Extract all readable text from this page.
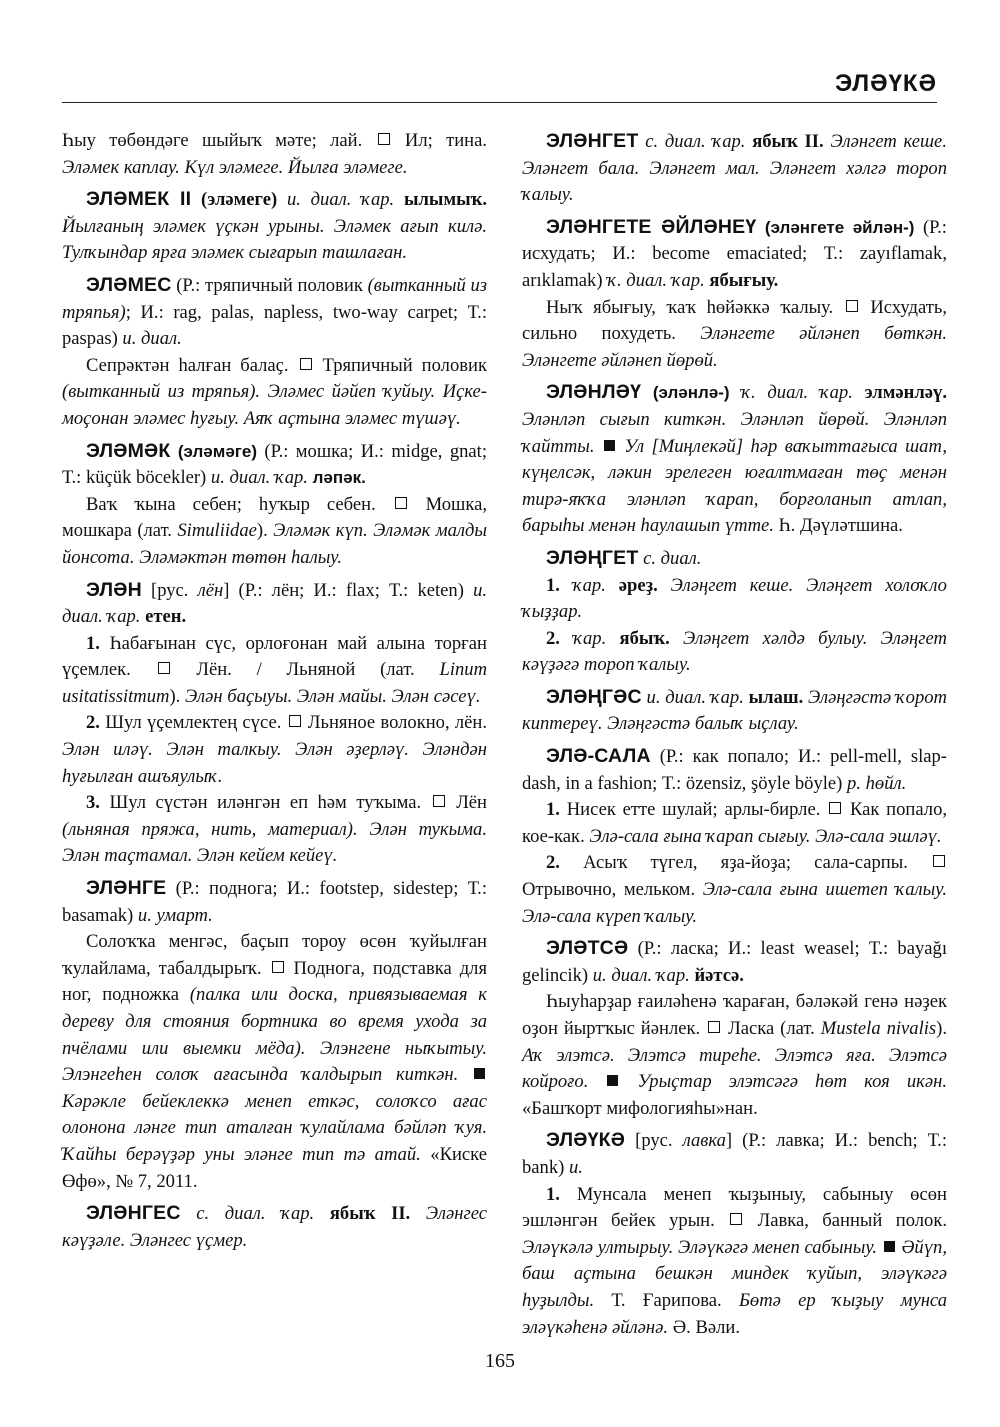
ЭЛӘҮКӘ

Һыу төбөндәге шыйыҡ мәте; лай. Ил; тина. Эләмек каплау. Күл эләмеге. Йылға эләмеге.

ЭЛӘМЕК II (эләмеге) и. диал. ҡар. ылымыҡ. Йылғаның эләмек үҫкән урыны. Эләмек ағып килә. Тулҡындар ярға эләмек сығарып ташлаған.

ЭЛӘМЕС (Р.: тряпичный половик (вытканный из тряпья); И.: rag, palas, napless, two-way carpet; Т.: paspas) и. диал.

Сепрәктән һалған балаҫ. Тряпичный половик (вытканный из тряпья). Эләмес йәйеп ҡуйыу. Иҫке-моҫонан эләмес һуғыу. Аяҡ аҫтына эләмес түшәү.

ЭЛӘМӘК (эләмәге) (Р.: мошка; И.: midge, gnat; Т.: küçük böcekler) и. диал. ҡар. ләпәк.

Ваҡ ҡына себен; һуҡыр себен.	Мошка, мошкара (лат. Simuliidae). Эләмәк күп. Эләмәк малды йонсота. Эләмәктән төтөн һалыу.

ЭЛӘН [рус. лён] (Р.: лён; И.: flax; Т.: keten) и. диал. ҡар. етен.

1. Һабағынан сүс, орлоғонан май алына торған үҫемлек.	Лён. / Льняной (лат. Linum usitatissitmum). Элән баҫыуы. Элән майы. Элән сәсеү.

2. Шул үҫемлектең сүсе. Льняное волокно, лён. Элән иләү. Элән талкыу. Элән әҙерләү. Эләндән һуғылған ашъяулыҡ.

3. Шул сүстән иләнгән еп һәм туҡыма. Лён (льняная пряжа, нить, материал). Элән тукыма. Элән таҫтамал. Элән кейем кейеү.

ЭЛӘНГЕ (Р.: поднога; И.: footstep, sidestep; Т.: basamak) и. умарт.

Солоҡҡа менгәс, баҫып тороу өсөн ҡуйылған ҡулайлама, табалдырыҡ. Поднога, подставка для ног, подножка (палка или доска, привязываемая к дереву для стояния бортника во время ухода за пчёлами или выемки мёда). Элэнгене ныҡытыу. Элэнгеһен солоҡ ағасында ҡалдырып киткән.  Кәрәкле бейеклеккә менеп еткәс, солоҡсо ағас олонона ләнге тип аталған ҡулайлама бәйләп ҡуя. Ҡайһы берәүҙәр уны эләнге тип тә атай. «Киске Өфө», № 7, 2011.

ЭЛӘНГЕС с. диал. ҡар. ябыҡ II. Эләнгес кәүҙәле. Эләнгес үҫмер.

ЭЛӘНГЕТ с. диал. ҡар. ябыҡ II. Эләнгет кеше. Эләнгет бала. Эләнгет мал. Эләнгет хәлгә тороп ҡалыу.

ЭЛӘНГЕТЕ ӘЙЛӘНЕҮ (эләнгете әйлән-) (Р.: исхудать; И.: become emaciated; Т.: zayıflamak, arıklamak) ҡ. диал. ҡар. ябығыу.

Ныҡ ябығыу, ҡаҡ һөйәккә ҡалыу. Исхудать, сильно похудеть. Эләнгете әйләнеп бөткән. Эләнгете әйләнеп йөрөй.

ЭЛӘНЛӘҮ (эләнлә-) ҡ. диал. ҡар. элмәнләү. Эләнләп сығып киткән. Эләнләп йөрөй. Эләнләп ҡайтты. Ул [Миңлекәй] һәр ваҡыттағыса шат, күңелсәк, ләкин эрелеген юғалтмаған төҫ менән тирә-яҡҡа эләнләп ҡарап, борғоланып атлап, барыһы менән һаулашып үтте. Һ. Дәүләтшина.

ЭЛӘҢГЕТ с. диал.

1. ҡар. әреҙ. Эләңгет кеше. Эләңгет холоҡло ҡыҙҙар.

2. ҡар. ябыҡ. Эләңгет хәлдә булыу. Эләңгет кәүҙәгә тороп ҡалыу.

ЭЛӘҢГӘС и. диал. ҡар. ылаш. Эләңгәстә ҡорот киптереү. Эләңгәстә балыҡ ыҫлау.

ЭЛӘ-САЛА (Р.: как попало; И.: pell-mell, slap-dash, in a fashion; Т.: özensiz, şöyle böyle) р. һөйл.

1. Нисек етте шулай; арлы-бирле. Как попало, кое-как. Элә-сала ғына ҡарап сығыу. Элә-сала эшләү.

2. Асыҡ түгел, яҙа-йоҙа; сала-сарпы.  Отрывочно, мельком. Элә-сала ғына ишетеп ҡалыу. Элә-сала күреп ҡалыу.

ЭЛӘТСӘ (Р.: ласка; И.: least weasel; Т.: bayağı gelincik) и. диал. ҡар. йәтсә.

Һыуһарҙар ғаиләһенә ҡараған, бәләкәй генә нәҙек оҙон йыртҡыс йәнлек. Ласка (лат. Mustela nivalis). Аҡ элэтсә. Элэтсә тиреһе. Элэтсә яға. Элэтсә койроғо.	Урыҫтар элэтсәгә һөт коя икән. «Башҡорт мифологияһы»нан.

ЭЛӘҮКӘ [рус. лавка] (Р.: лавка; И.: bench; Т.: bank) и.

1. Мунсала менеп ҡыҙыныу, сабыныу өсөн эшләнгән бейек урын. Лавка, банный полок. Эләүкәлә ултырыу. Эләүкәгә менеп сабыныу. Әйүп, баш аҫтына бешкән миндек ҡуйып, эләүкәгә һуҙылды. Т. Ғарипова. Бөтә ер ҡыҙыу мунса эләүкәһенә әйләнә. Ә. Вәли.

165
